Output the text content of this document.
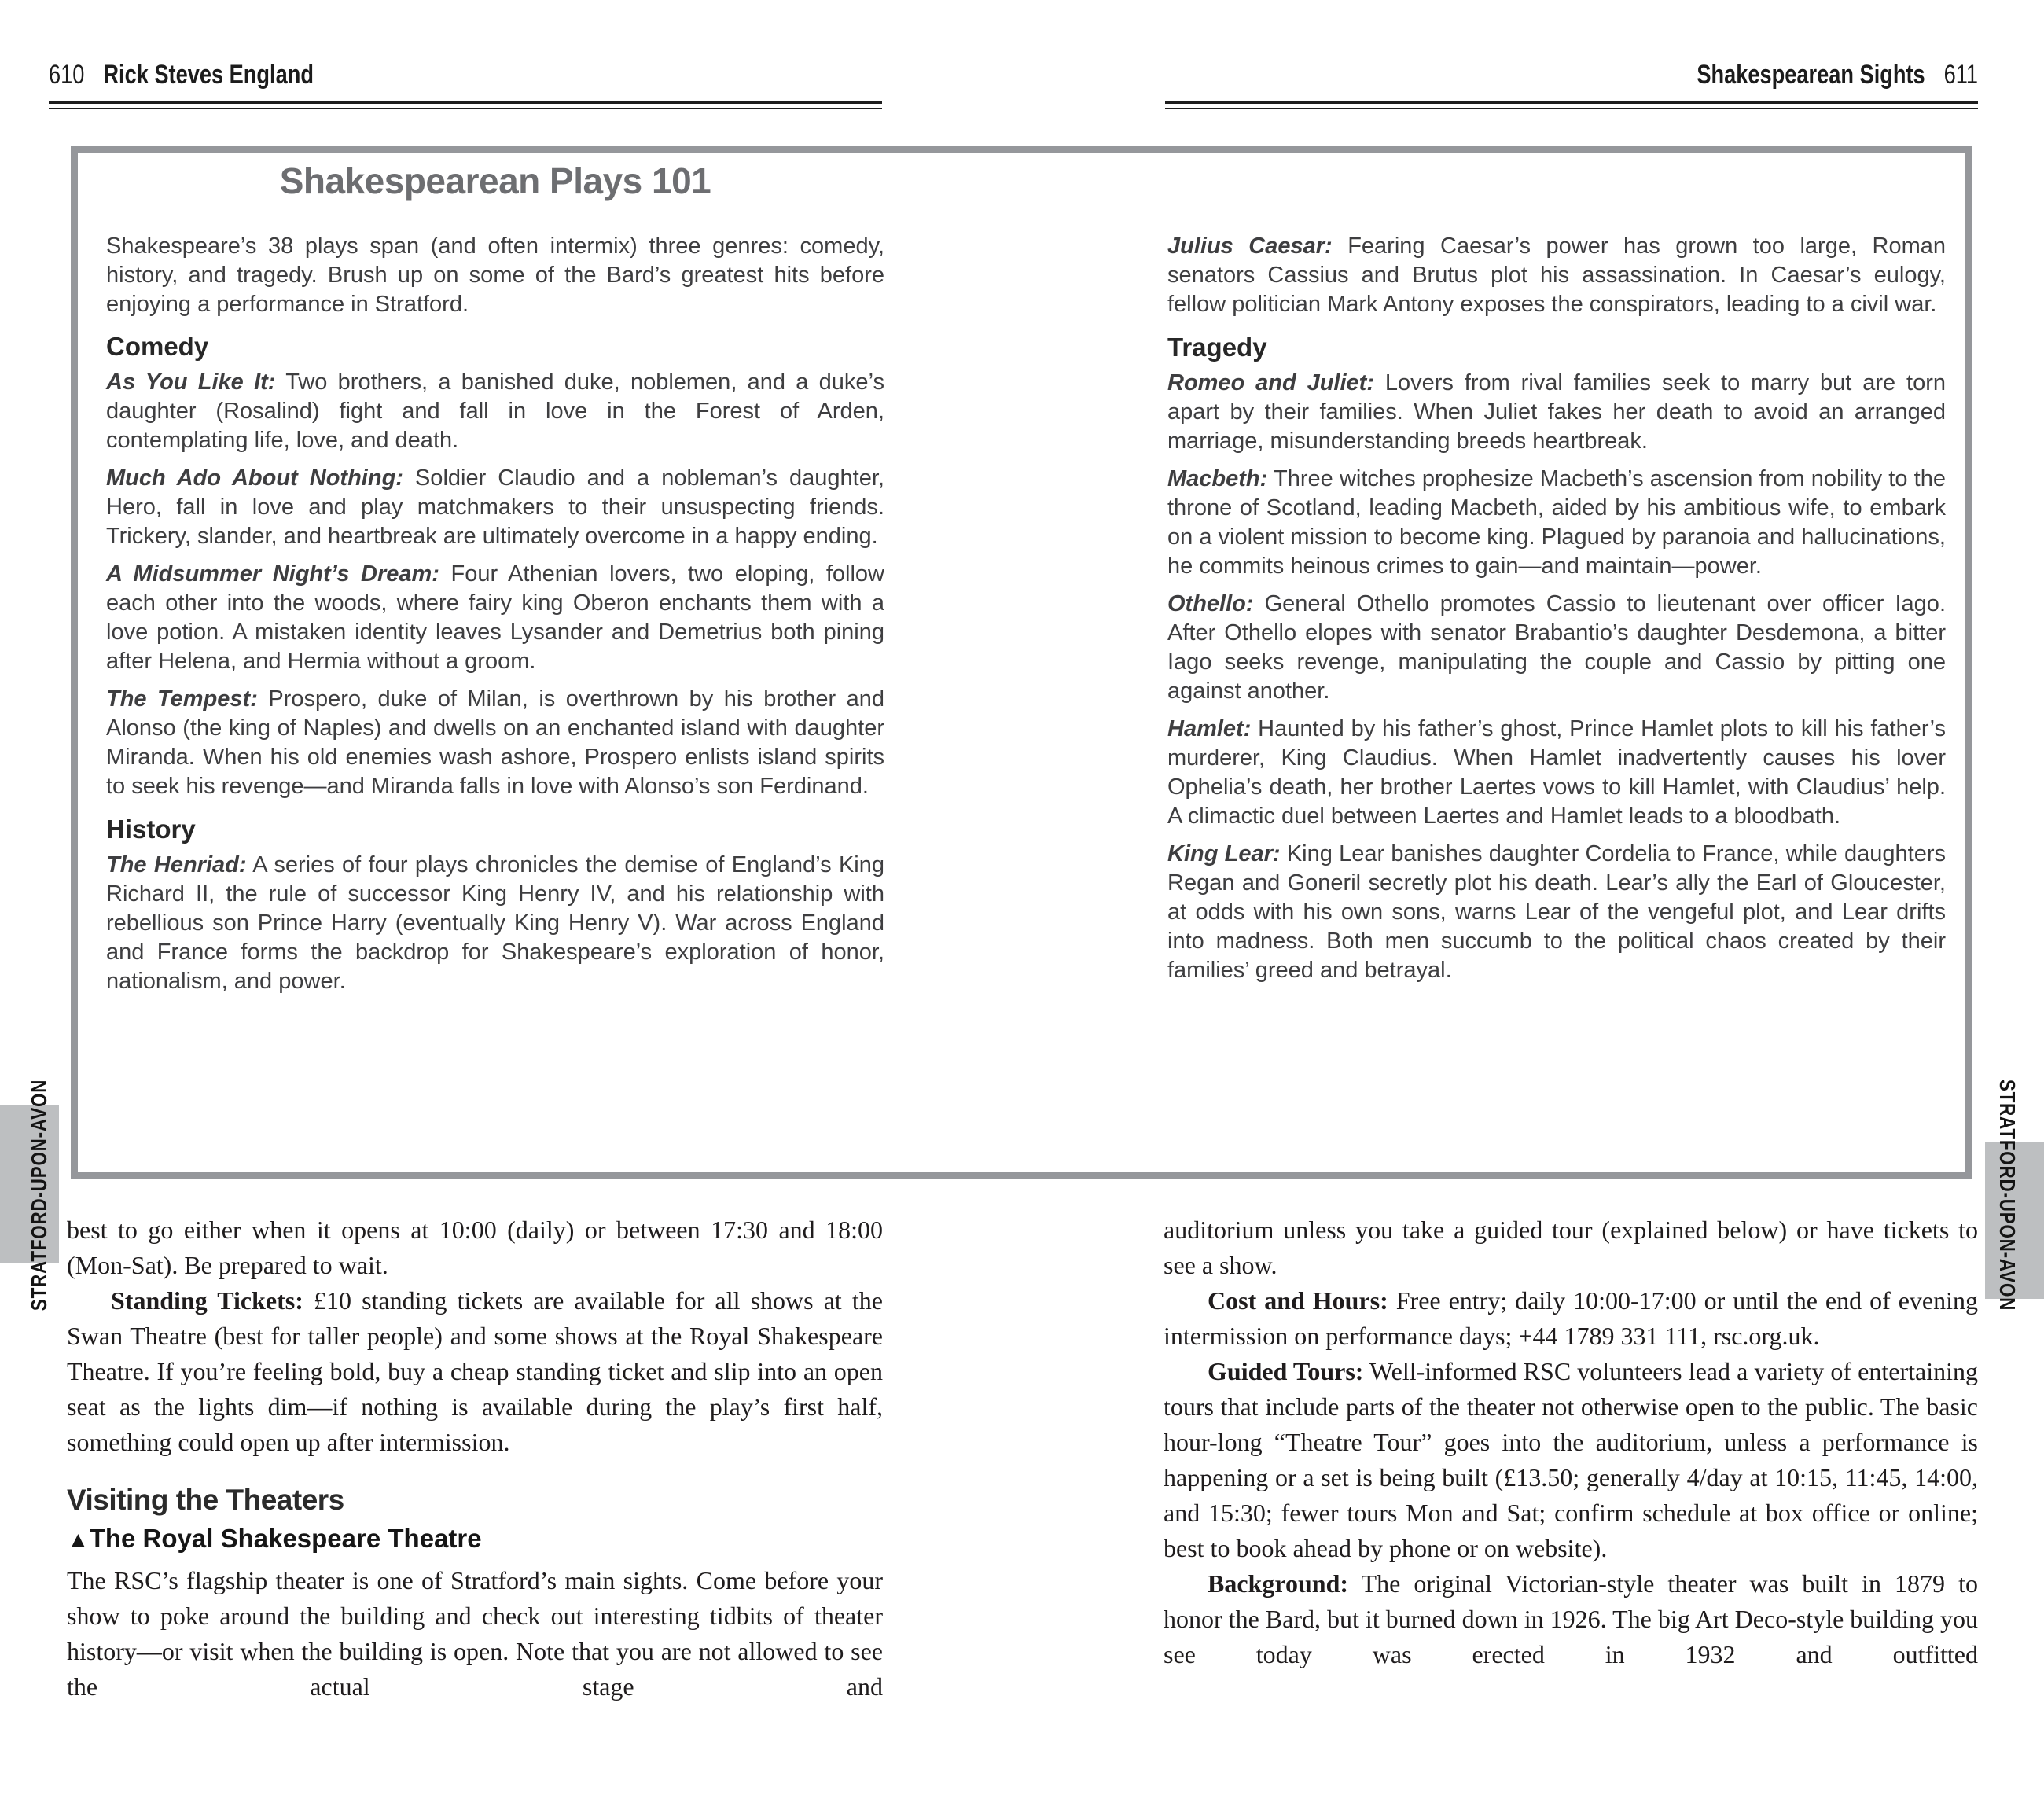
610 Rick Steves England	Shakespearean Sights 611
STRATFORD-UPON-AVON	STRATFORD-UPON-AVON
Shakespearean Plays 101

Shakespeare’s 38 plays span (and often intermix) three genres: comedy, history, and tragedy. Brush up on some of the Bard’s greatest hits before enjoying a performance in Stratford.

Comedy

As You Like It: Two brothers, a banished duke, noblemen, and a duke’s daughter (Rosalind) fight and fall in love in the Forest of Arden, contemplating life, love, and death.

Much Ado About Nothing: Soldier Claudio and a nobleman’s daughter, Hero, fall in love and play matchmakers to their unsuspecting friends. Trickery, slander, and heartbreak are ultimately overcome in a happy ending.

A Midsummer Night’s Dream: Four Athenian lovers, two eloping, follow each other into the woods, where fairy king Oberon enchants them with a love potion. A mistaken identity leaves Lysander and Demetrius both pining after Helena, and Hermia without a groom.

The Tempest: Prospero, duke of Milan, is overthrown by his brother and Alonso (the king of Naples) and dwells on an enchanted island with daughter Miranda. When his old enemies wash ashore, Prospero enlists island spirits to seek his revenge—and Miranda falls in love with Alonso’s son Ferdinand.

History

The Henriad: A series of four plays chronicles the demise of England’s King Richard II, the rule of successor King Henry IV, and his relationship with rebellious son Prince Harry (eventually King Henry V). War across England and France forms the backdrop for Shakespeare’s exploration of honor, nationalism, and power.

Julius Caesar: Fearing Caesar’s power has grown too large, Roman senators Cassius and Brutus plot his assassination. In Caesar’s eulogy, fellow politician Mark Antony exposes the conspirators, leading to a civil war.

Tragedy

Romeo and Juliet: Lovers from rival families seek to marry but are torn apart by their families. When Juliet fakes her death to avoid an arranged marriage, misunderstanding breeds heartbreak.

Macbeth: Three witches prophesize Macbeth’s ascension from nobility to the throne of Scotland, leading Macbeth, aided by his ambitious wife, to embark on a violent mission to become king. Plagued by paranoia and hallucinations, he commits heinous crimes to gain—and maintain—power.

Othello: General Othello promotes Cassio to lieutenant over officer Iago. After Othello elopes with senator Brabantio’s daughter Desdemona, a bitter Iago seeks revenge, manipulating the couple and Cassio by pitting one against another.

Hamlet: Haunted by his father’s ghost, Prince Hamlet plots to kill his father’s murderer, King Claudius. When Hamlet inadvertently causes his lover Ophelia’s death, her brother Laertes vows to kill Hamlet, with Claudius’ help. A climactic duel between Laertes and Hamlet leads to a bloodbath.

King Lear: King Lear banishes daughter Cordelia to France, while daughters Regan and Goneril secretly plot his death. Lear’s ally the Earl of Gloucester, at odds with his own sons, warns Lear of the vengeful plot, and Lear drifts into madness. Both men succumb to the political chaos created by their families’ greed and betrayal.

best to go either when it opens at 10:00 (daily) or between 17:30 and 18:00 (Mon-Sat). Be prepared to wait.

Standing Tickets: £10 standing tickets are available for all shows at the Swan Theatre (best for taller people) and some shows at the Royal Shakespeare Theatre. If you’re feeling bold, buy a cheap standing ticket and slip into an open seat as the lights dim—if nothing is available during the play’s first half, something could open up after intermission.

Visiting the Theaters
▲The Royal Shakespeare Theatre

The RSC’s flagship theater is one of Stratford’s main sights. Come before your show to poke around the building and check out interesting tidbits of theater history—or visit when the building is open. Note that you are not allowed to see the actual stage and

auditorium unless you take a guided tour (explained below) or have tickets to see a show.

Cost and Hours: Free entry; daily 10:00-17:00 or until the end of evening intermission on performance days; +44 1789 331 111, rsc.org.uk.

Guided Tours: Well-informed RSC volunteers lead a variety of entertaining tours that include parts of the theater not otherwise open to the public. The basic hour-long “Theatre Tour” goes into the auditorium, unless a performance is happening or a set is being built (£13.50; generally 4/day at 10:15, 11:45, 14:00, and 15:30; fewer tours Mon and Sat; confirm schedule at box office or online; best to book ahead by phone or on website).

Background: The original Victorian-style theater was built in 1879 to honor the Bard, but it burned down in 1926. The big Art Deco-style building you see today was erected in 1932 and outfitted
